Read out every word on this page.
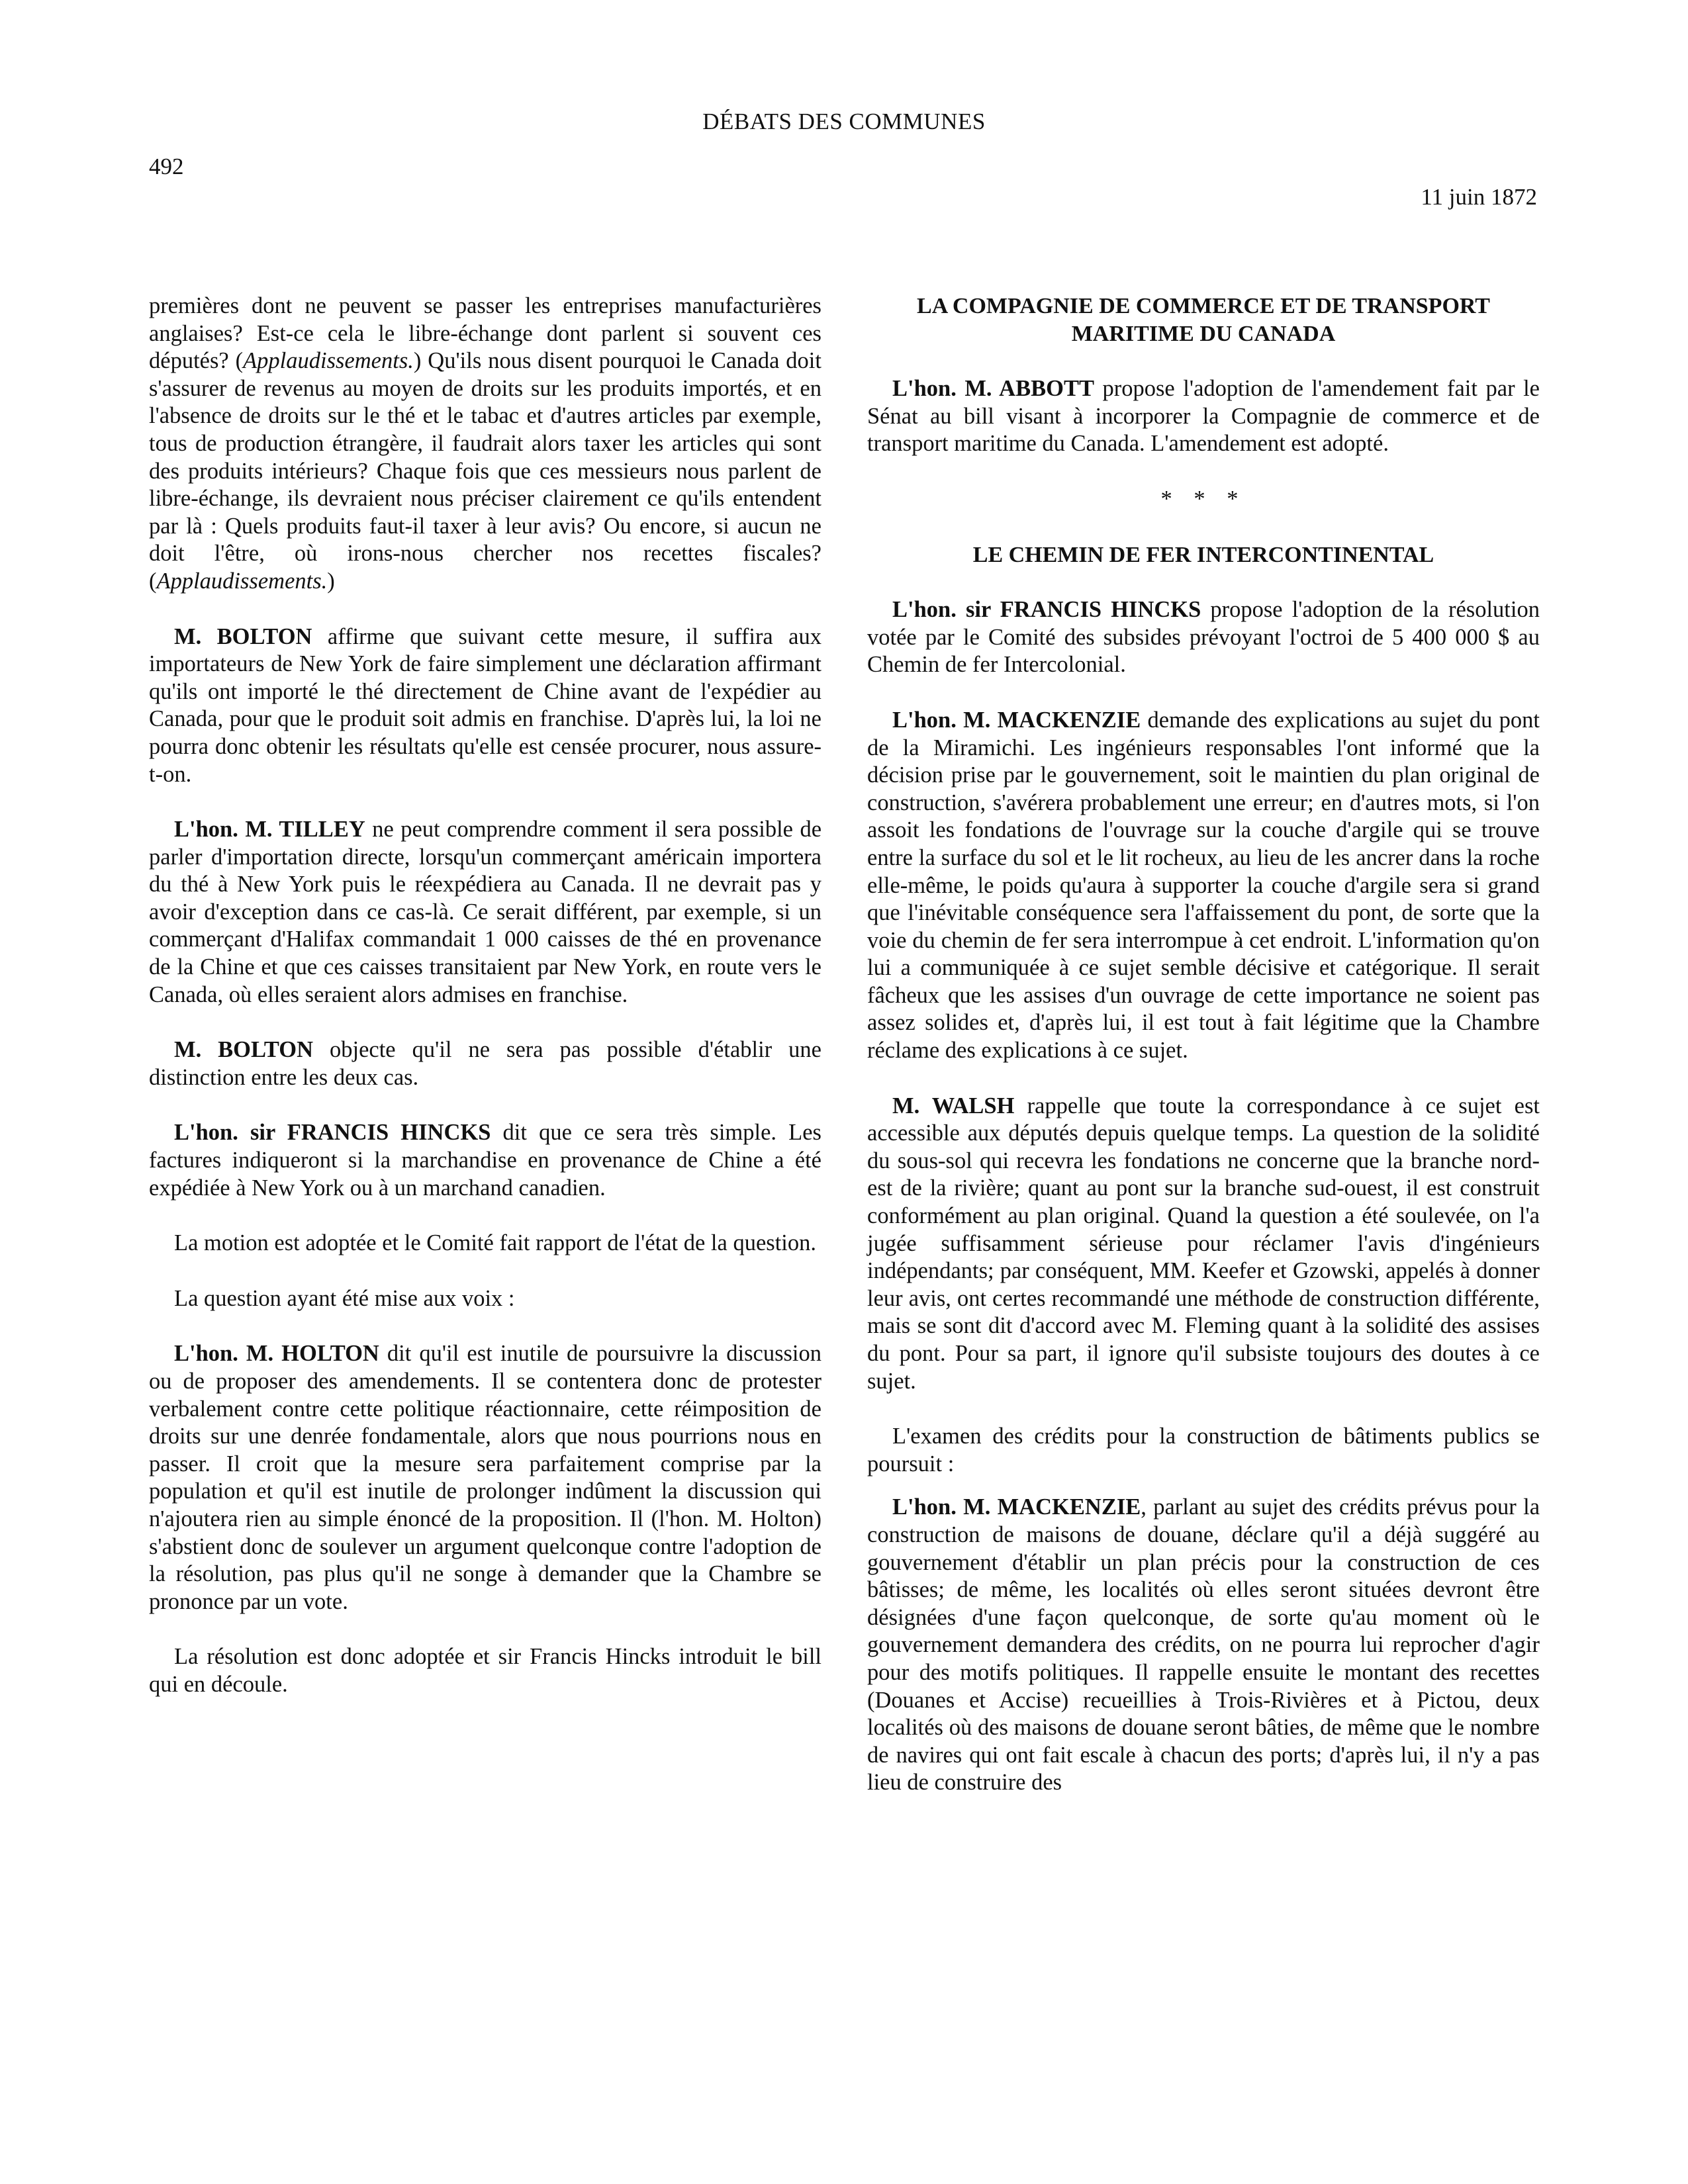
DÉBATS DES COMMUNES
492
11 juin 1872

premières dont ne peuvent se passer les entreprises manufacturières anglaises? Est-ce cela le libre-échange dont parlent si souvent ces députés? (Applaudissements.) Qu'ils nous disent pourquoi le Canada doit s'assurer de revenus au moyen de droits sur les produits importés, et en l'absence de droits sur le thé et le tabac et d'autres articles par exemple, tous de production étrangère, il faudrait alors taxer les articles qui sont des produits intérieurs? Chaque fois que ces messieurs nous parlent de libre-échange, ils devraient nous préciser clairement ce qu'ils entendent par là : Quels produits faut-il taxer à leur avis? Ou encore, si aucun ne doit l'être, où irons-nous chercher nos recettes fiscales? (Applaudissements.)

M. BOLTON affirme que suivant cette mesure, il suffira aux importateurs de New York de faire simplement une déclaration affirmant qu'ils ont importé le thé directement de Chine avant de l'expédier au Canada, pour que le produit soit admis en franchise. D'après lui, la loi ne pourra donc obtenir les résultats qu'elle est censée procurer, nous assure-t-on.

L'hon. M. TILLEY ne peut comprendre comment il sera possible de parler d'importation directe, lorsqu'un commerçant américain importera du thé à New York puis le réexpédiera au Canada. Il ne devrait pas y avoir d'exception dans ce cas-là. Ce serait différent, par exemple, si un commerçant d'Halifax commandait 1 000 caisses de thé en provenance de la Chine et que ces caisses transitaient par New York, en route vers le Canada, où elles seraient alors admises en franchise.

M. BOLTON objecte qu'il ne sera pas possible d'établir une distinction entre les deux cas.

L'hon. sir FRANCIS HINCKS dit que ce sera très simple. Les factures indiqueront si la marchandise en provenance de Chine a été expédiée à New York ou à un marchand canadien.

La motion est adoptée et le Comité fait rapport de l'état de la question.

La question ayant été mise aux voix :

L'hon. M. HOLTON dit qu'il est inutile de poursuivre la discussion ou de proposer des amendements. Il se contentera donc de protester verbalement contre cette politique réactionnaire, cette réimposition de droits sur une denrée fondamentale, alors que nous pourrions nous en passer. Il croit que la mesure sera parfaitement comprise par la population et qu'il est inutile de prolonger indûment la discussion qui n'ajoutera rien au simple énoncé de la proposition. Il (l'hon. M. Holton) s'abstient donc de soulever un argument quelconque contre l'adoption de la résolution, pas plus qu'il ne songe à demander que la Chambre se prononce par un vote.

La résolution est donc adoptée et sir Francis Hincks introduit le bill qui en découle.

LA COMPAGNIE DE COMMERCE ET DE TRANSPORT
MARITIME DU CANADA

L'hon. M. ABBOTT propose l'adoption de l'amendement fait par le Sénat au bill visant à incorporer la Compagnie de commerce et de transport maritime du Canada. L'amendement est adopté.

* * *
LE CHEMIN DE FER INTERCONTINENTAL

L'hon. sir FRANCIS HINCKS propose l'adoption de la résolution votée par le Comité des subsides prévoyant l'octroi de 5 400 000 $ au Chemin de fer Intercolonial.

L'hon. M. MACKENZIE demande des explications au sujet du pont de la Miramichi. Les ingénieurs responsables l'ont informé que la décision prise par le gouvernement, soit le maintien du plan original de construction, s'avérera probablement une erreur; en d'autres mots, si l'on assoit les fondations de l'ouvrage sur la couche d'argile qui se trouve entre la surface du sol et le lit rocheux, au lieu de les ancrer dans la roche elle-même, le poids qu'aura à supporter la couche d'argile sera si grand que l'inévitable conséquence sera l'affaissement du pont, de sorte que la voie du chemin de fer sera interrompue à cet endroit. L'information qu'on lui a communiquée à ce sujet semble décisive et catégorique. Il serait fâcheux que les assises d'un ouvrage de cette importance ne soient pas assez solides et, d'après lui, il est tout à fait légitime que la Chambre réclame des explications à ce sujet.

M. WALSH rappelle que toute la correspondance à ce sujet est accessible aux députés depuis quelque temps. La question de la solidité du sous-sol qui recevra les fondations ne concerne que la branche nord-est de la rivière; quant au pont sur la branche sud-ouest, il est construit conformément au plan original. Quand la question a été soulevée, on l'a jugée suffisamment sérieuse pour réclamer l'avis d'ingénieurs indépendants; par conséquent, MM. Keefer et Gzowski, appelés à donner leur avis, ont certes recommandé une méthode de construction différente, mais se sont dit d'accord avec M. Fleming quant à la solidité des assises du pont. Pour sa part, il ignore qu'il subsiste toujours des doutes à ce sujet.

L'examen des crédits pour la construction de bâtiments publics se poursuit :

L'hon. M. MACKENZIE, parlant au sujet des crédits prévus pour la construction de maisons de douane, déclare qu'il a déjà suggéré au gouvernement d'établir un plan précis pour la construction de ces bâtisses; de même, les localités où elles seront situées devront être désignées d'une façon quelconque, de sorte qu'au moment où le gouvernement demandera des crédits, on ne pourra lui reprocher d'agir pour des motifs politiques. Il rappelle ensuite le montant des recettes (Douanes et Accise) recueillies à Trois-Rivières et à Pictou, deux localités où des maisons de douane seront bâties, de même que le nombre de navires qui ont fait escale à chacun des ports; d'après lui, il n'y a pas lieu de construire des
